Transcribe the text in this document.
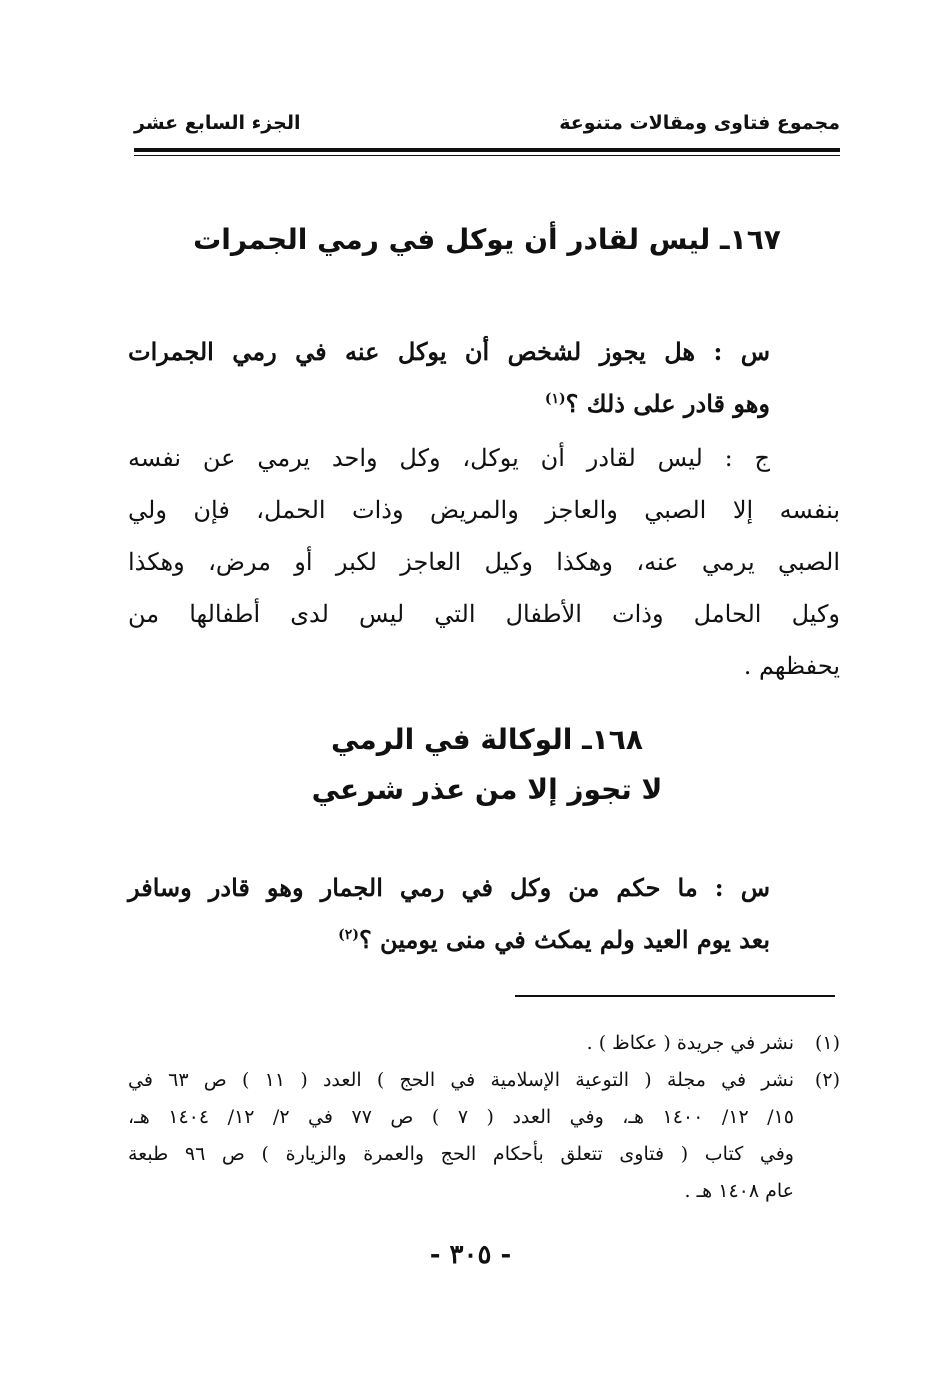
مجموع فتاوى ومقالات متنوعة
الجزء السابع عشر
١٦٧ـ ليس لقادر أن يوكل في رمي الجمرات
س : هل يجوز لشخص أن يوكل عنه في رمي الجمرات
وهو قادر على ذلك ؟$^{(١)}$
ج : ليس لقادر أن يوكل، وكل واحد يرمي عن نفسه
بنفسه إلا الصبي والعاجز والمريض وذات الحمل، فإن ولي
الصبي يرمي عنه، وهكذا وكيل العاجز لكبر أو مرض، وهكذا
وكيل الحامل وذات الأطفال التي ليس لدى أطفالها من
يحفظهم .
١٦٨ـ الوكالة في الرمي
لا تجوز إلا من عذر شرعي
س : ما حكم من وكل في رمي الجمار وهو قادر وسافر
بعد يوم العيد ولم يمكث في منى يومين ؟$^{(٢)}$
(١)نشر في جريدة ( عكاظ ) .
(٢)نشر في مجلة ( التوعية الإسلامية في الحج ) العدد ( ١١ ) ص ٦٣ في
١٥/ ١٢/ ١٤٠٠ هـ، وفي العدد ( ٧ ) ص ٧٧ في ٢/ ١٢/ ١٤٠٤ هـ،
وفي كتاب ( فتاوى تتعلق بأحكام الحج والعمرة والزيارة ) ص ٩٦ طبعة
عام ١٤٠٨ هـ .
- ٣٠٥ -
